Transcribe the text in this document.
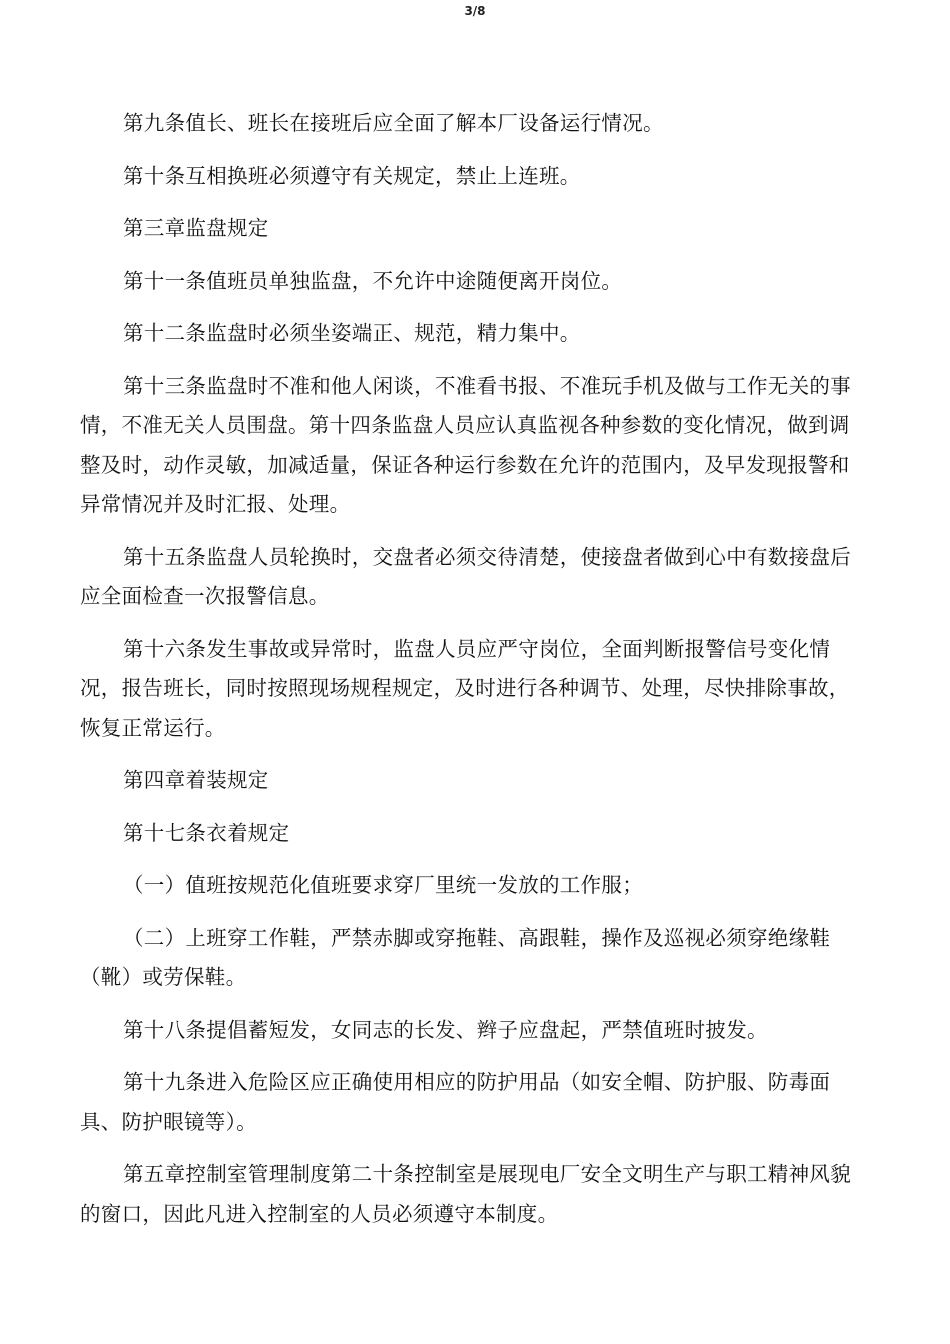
3/8

第九条值长、班长在接班后应全面了解本厂设备运行情况。

第十条互相换班必须遵守有关规定，禁止上连班。

第三章监盘规定

第十一条值班员单独监盘，不允许中途随便离开岗位。

第十二条监盘时必须坐姿端正、规范，精力集中。

第十三条监盘时不准和他人闲谈，不准看书报、不准玩手机及做与工作无关的事情，不准无关人员围盘。第十四条监盘人员应认真监视各种参数的变化情况，做到调整及时，动作灵敏，加减适量，保证各种运行参数在允许的范围内，及早发现报警和异常情况并及时汇报、处理。

第十五条监盘人员轮换时，交盘者必须交待清楚，使接盘者做到心中有数接盘后应全面检查一次报警信息。

第十六条发生事故或异常时，监盘人员应严守岗位，全面判断报警信号变化情况，报告班长，同时按照现场规程规定，及时进行各种调节、处理，尽快排除事故，恢复正常运行。

第四章着装规定

第十七条衣着规定

（一）值班按规范化值班要求穿厂里统一发放的工作服；

（二）上班穿工作鞋，严禁赤脚或穿拖鞋、高跟鞋，操作及巡视必须穿绝缘鞋（靴）或劳保鞋。

第十八条提倡蓄短发，女同志的长发、辫子应盘起，严禁值班时披发。

第十九条进入危险区应正确使用相应的防护用品（如安全帽、防护服、防毒面具、防护眼镜等）。

第五章控制室管理制度第二十条控制室是展现电厂安全文明生产与职工精神风貌的窗口，因此凡进入控制室的人员必须遵守本制度。
